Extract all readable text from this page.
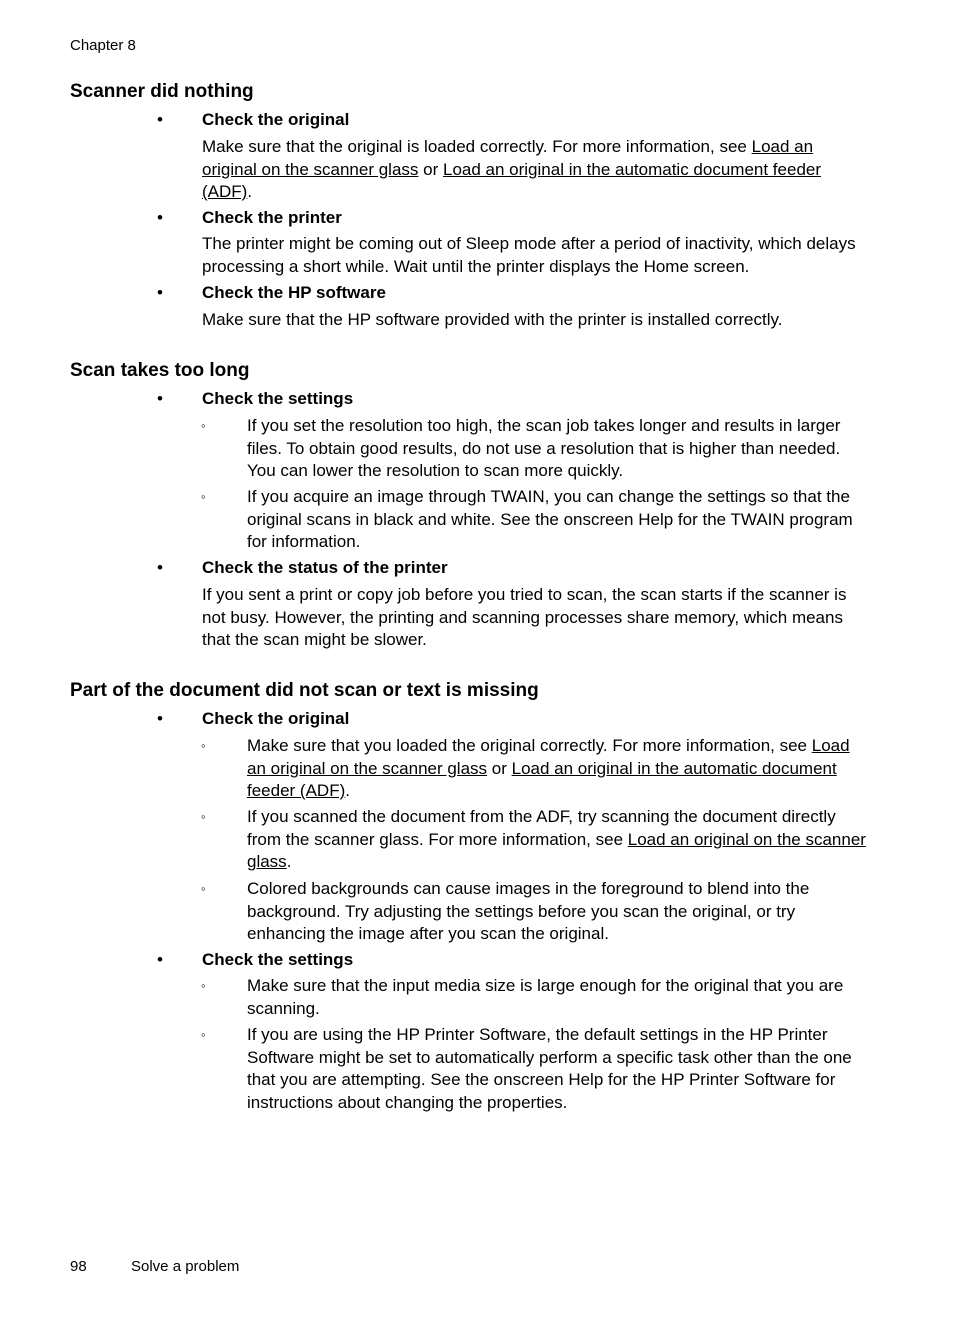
Chapter 8
Scanner did nothing
• Check the original
Make sure that the original is loaded correctly. For more information, see Load an original on the scanner glass or Load an original in the automatic document feeder (ADF).
• Check the printer
The printer might be coming out of Sleep mode after a period of inactivity, which delays processing a short while. Wait until the printer displays the Home screen.
• Check the HP software
Make sure that the HP software provided with the printer is installed correctly.
Scan takes too long
• Check the settings
◦ If you set the resolution too high, the scan job takes longer and results in larger files. To obtain good results, do not use a resolution that is higher than needed. You can lower the resolution to scan more quickly.
◦ If you acquire an image through TWAIN, you can change the settings so that the original scans in black and white. See the onscreen Help for the TWAIN program for information.
• Check the status of the printer
If you sent a print or copy job before you tried to scan, the scan starts if the scanner is not busy. However, the printing and scanning processes share memory, which means that the scan might be slower.
Part of the document did not scan or text is missing
• Check the original
◦ Make sure that you loaded the original correctly. For more information, see Load an original on the scanner glass or Load an original in the automatic document feeder (ADF).
◦ If you scanned the document from the ADF, try scanning the document directly from the scanner glass. For more information, see Load an original on the scanner glass.
◦ Colored backgrounds can cause images in the foreground to blend into the background. Try adjusting the settings before you scan the original, or try enhancing the image after you scan the original.
• Check the settings
◦ Make sure that the input media size is large enough for the original that you are scanning.
◦ If you are using the HP Printer Software, the default settings in the HP Printer Software might be set to automatically perform a specific task other than the one that you are attempting. See the onscreen Help for the HP Printer Software for instructions about changing the properties.
98	Solve a problem
